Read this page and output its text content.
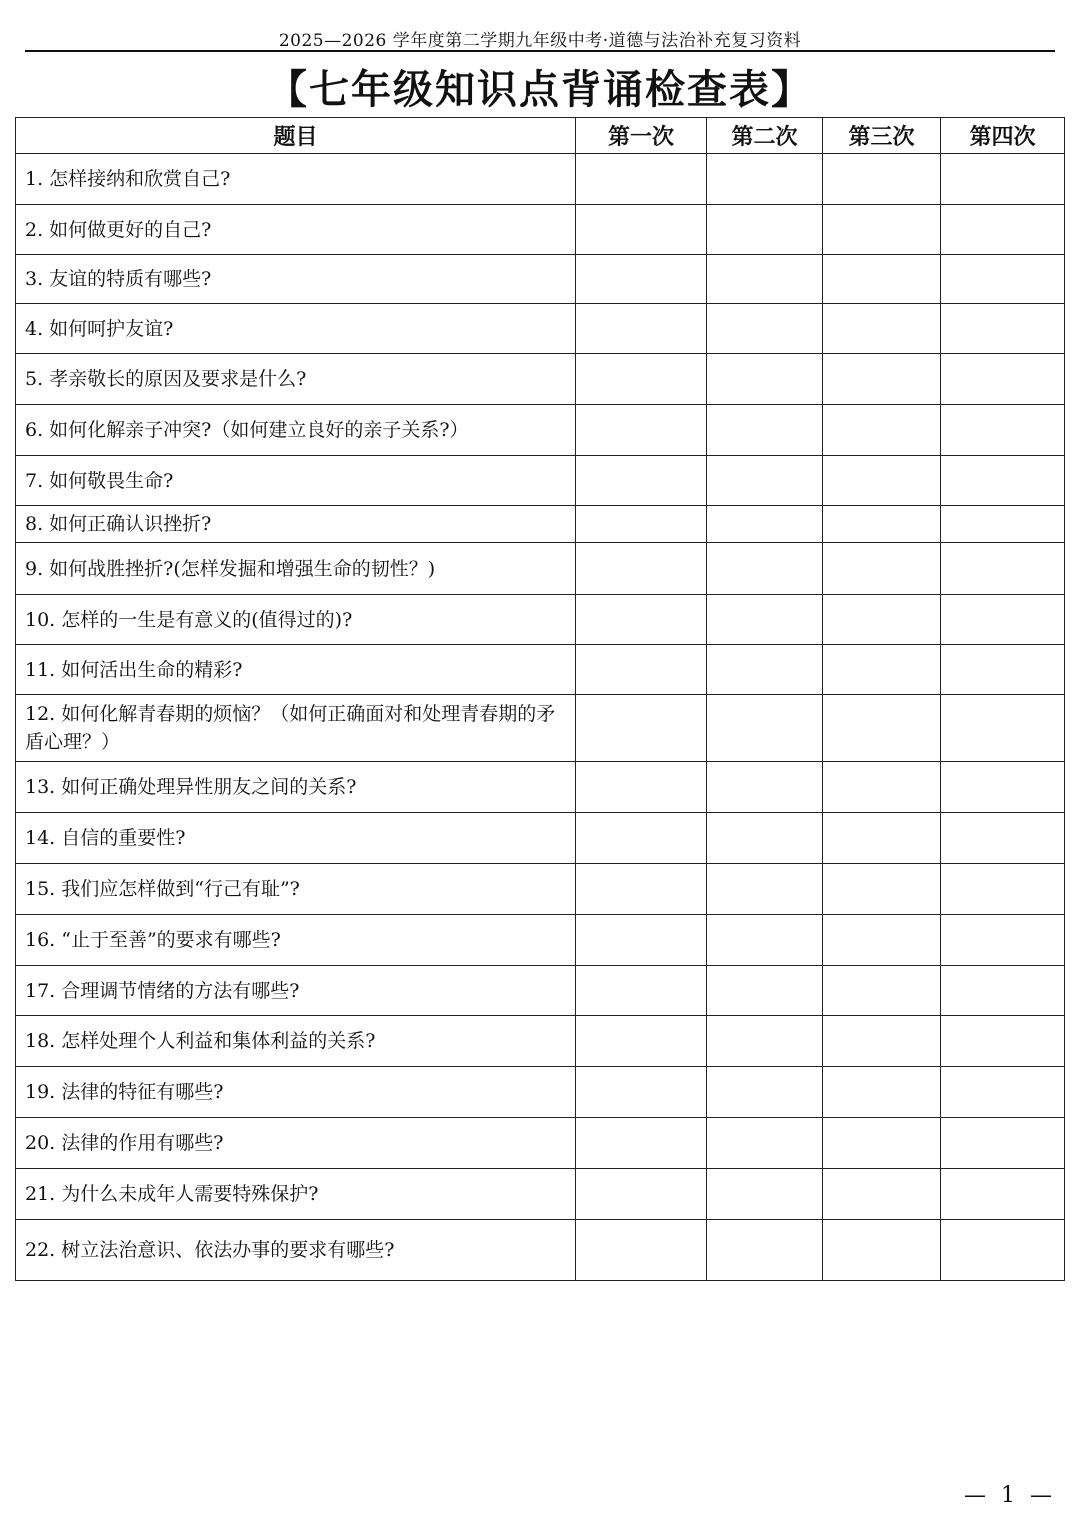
2025—2026 学年度第二学期九年级中考·道德与法治补充复习资料
【七年级知识点背诵检查表】
题目	第一次	第二次	第三次	第四次
1. 怎样接纳和欣赏自己?				
2. 如何做更好的自己?				
3. 友谊的特质有哪些?				
4. 如何呵护友谊?				
5. 孝亲敬长的原因及要求是什么?				
6. 如何化解亲子冲突?（如何建立良好的亲子关系?）				
7. 如何敬畏生命?				
8. 如何正确认识挫折?				
9. 如何战胜挫折?(怎样发掘和增强生命的韧性？)				
10. 怎样的一生是有意义的(值得过的)?				
11. 如何活出生命的精彩?				
12. 如何化解青春期的烦恼？（如何正确面对和处理青春期的矛盾心理？）				
13. 如何正确处理异性朋友之间的关系?				
14. 自信的重要性?				
15. 我们应怎样做到“行己有耻”?				
16. “止于至善”的要求有哪些?				
17. 合理调节情绪的方法有哪些?				
18. 怎样处理个人利益和集体利益的关系?				
19. 法律的特征有哪些?				
20. 法律的作用有哪些?				
21. 为什么未成年人需要特殊保护?				
22. 树立法治意识、依法办事的要求有哪些?				
— 1 —
